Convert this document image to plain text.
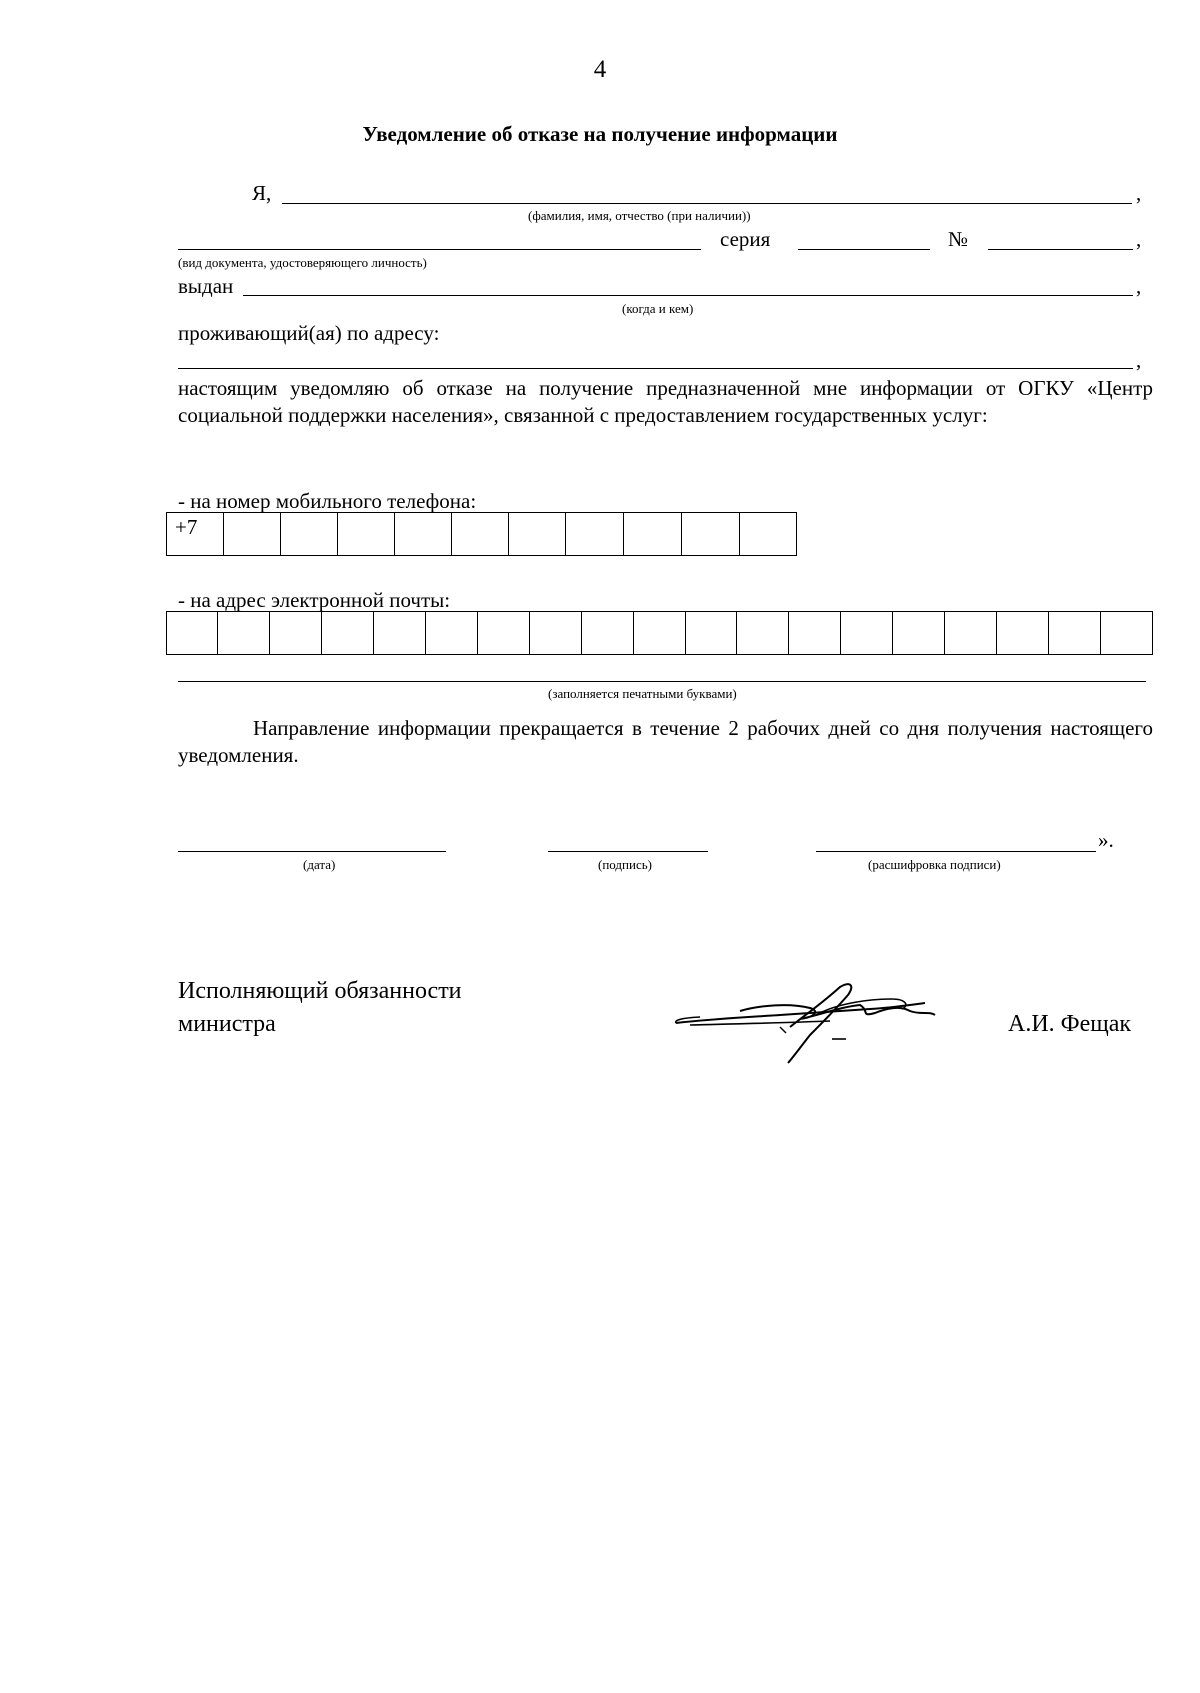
4
Уведомление об отказе на получение информации
Я,	,
(фамилия, имя, отчество (при наличии))
серия	№	,
(вид документа, удостоверяющего личность)
выдан	,
(когда и кем)
проживающий(ая) по адресу:
,
настоящим уведомляю об отказе на получение предназначенной мне информации от ОГКУ «Центр социальной поддержки населения», связанной с предоставлением государственных услуг:
- на номер мобильного телефона:
+7
- на адрес электронной почты:
(заполняется печатными буквами)
Направление информации прекращается в течение 2 рабочих дней со дня получения настоящего уведомления.
(дата)	(подпись)
».
(расшифровка подписи)
Исполняющий обязанности
министра	А.И. Фещак
